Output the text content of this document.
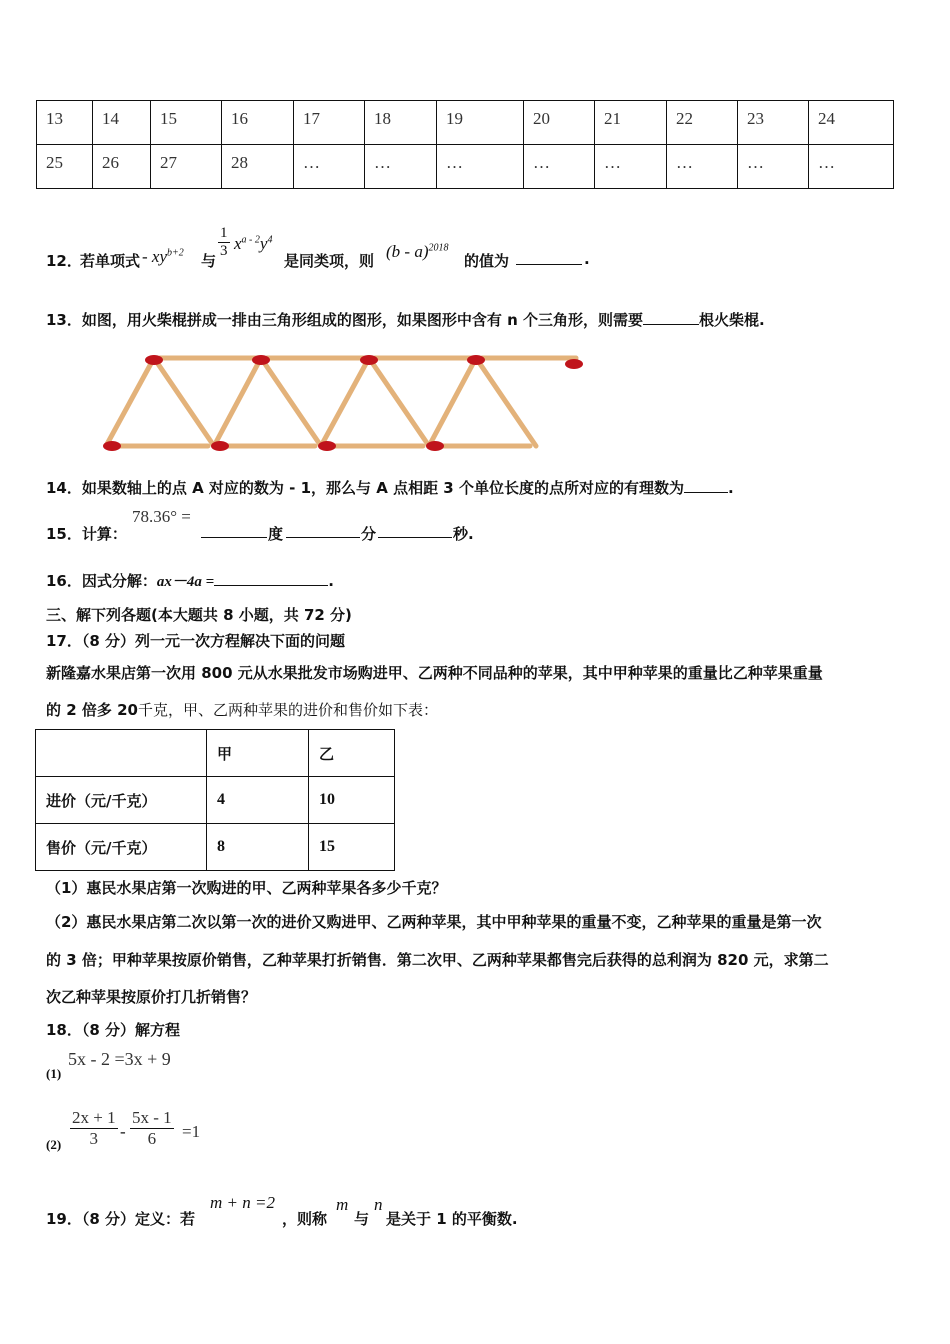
13	14	15	16	17	18	19	20	21	22	23	24
25	26	27	28	…	…	…	…	…	…	…	…
12．
若单项式 - $xy^{b+2}$ 与
$\frac{1}{3} x^{a - 2}y^4$
是同类项，则 (b - a)$^{2018}$
的值为	.
13．如图，用火柴棍拼成一排由三角形组成的图形，如果图形中含有 n 个三角形，则需要	根火柴棍.
14．如果数轴上的点 A 对应的数为 - 1，那么与 A 点相距 3 个单位长度的点所对应的有理数为	.
15．计算：
78.36° =
度	分	秒.
16．因式分解：ax－4a =	.
三、解下列各题(本大题共 8 小题，共 72 分)
17．（8 分）列一元一次方程解决下面的问题
新隆嘉水果店第一次用 800 元从水果批发市场购进甲、乙两种不同品种的苹果，其中甲种苹果的重量比乙种苹果重量
的 2 倍多 20千克，甲、乙两种苹果的进价和售价如下表：
	甲	乙
进价（元/千克）	4	10
售价（元/千克）	8	15
（1）惠民水果店第一次购进的甲、乙两种苹果各多少千克？
（2）惠民水果店第二次以第一次的进价又购进甲、乙两种苹果，其中甲种苹果的重量不变，乙种苹果的重量是第一次
的 3 倍；甲种苹果按原价销售，乙种苹果打折销售．第二次甲、乙两种苹果都售完后获得的总利润为 820 元，求第二
次乙种苹果按原价打几折销售？
18．（8 分）解方程
(1)
5x - 2 =3x + 9
$(2) \frac{2x + 1}{3} - \frac{5x - 1}{6} =1$
19．（8 分）定义：若
m + n =2
，则称
m
与
n
是关于 1 的平衡数.
